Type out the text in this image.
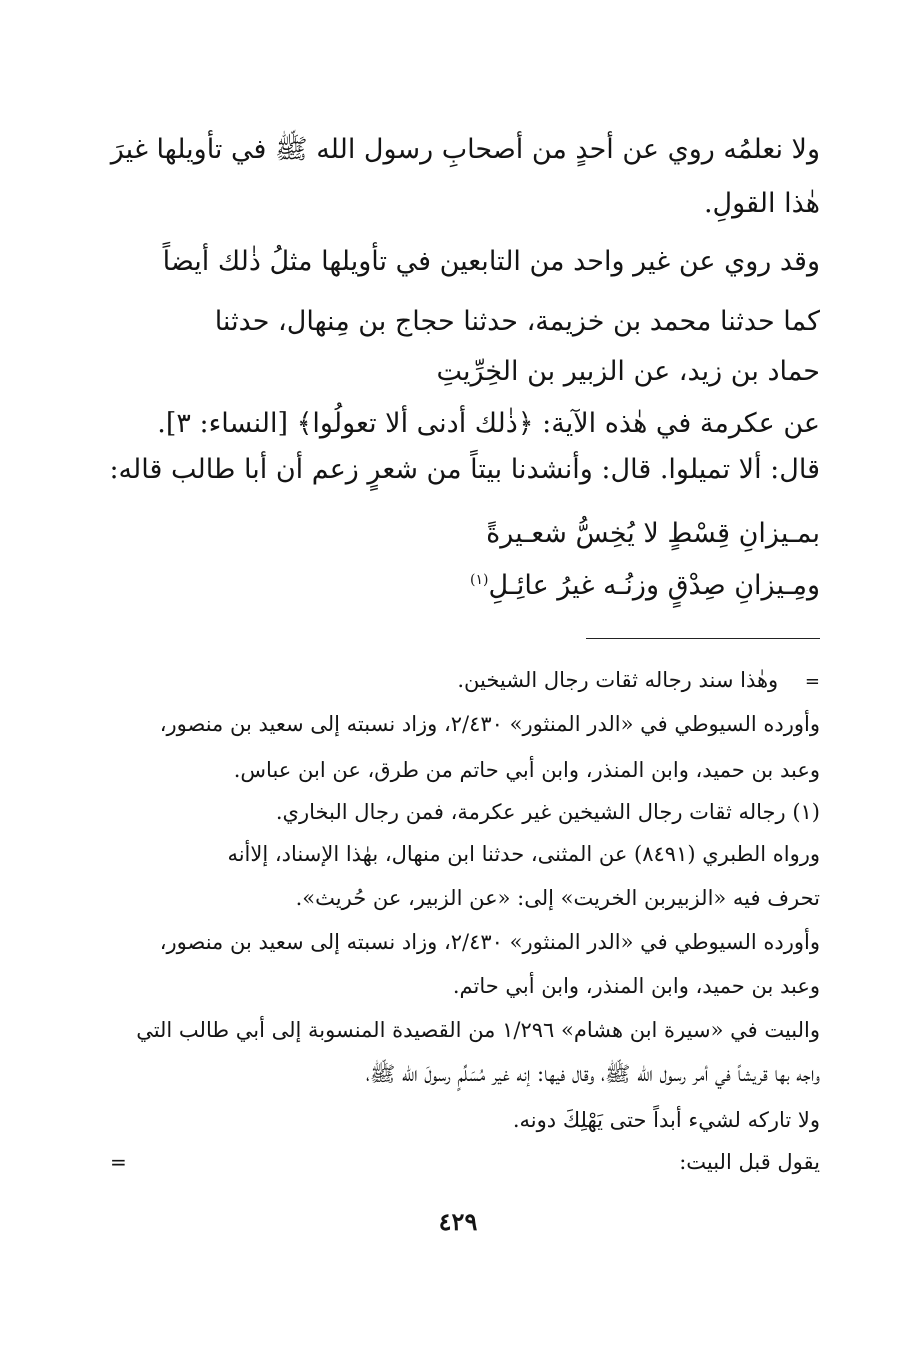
ولا نعلمُه روي عن أحدٍ من أصحابِ رسول الله ﷺ في تأويلها غيرَ

هٰذا القولِ.

وقد روي عن غير واحد من التابعين في تأويلها مثلُ ذٰلك أيضاً

كما حدثنا محمد بن خزيمة، حدثنا حجاج بن مِنهال، حدثنا

حماد بن زيد، عن الزبير بن الخِرِّيتِ

عن عكرمة في هٰذه الآية: ﴿ذٰلك أدنى ألا تعولُوا﴾ [النساء: ٣].

قال: ألا تميلوا. قال: وأنشدنا بيتاً من شعرٍ زعم أن أبا طالب قاله:

بمـيزانِ قِسْطٍ لا يُخِسُّ شعـيرةً
ومِـيزانِ صِدْقٍ وزنُـه غيرُ عائِـلِ$^{(١)}$

=    وهٰذا سند رجاله ثقات رجال الشيخين.

وأورده السيوطي في «الدر المنثور» ٢/٤٣٠، وزاد نسبته إلى سعيد بن منصور،

وعبد بن حميد، وابن المنذر، وابن أبي حاتم من طرق، عن ابن عباس.

(١) رجاله ثقات رجال الشيخين غير عكرمة، فمن رجال البخاري.

ورواه الطبري (٨٤٩١) عن المثنى، حدثنا ابن منهال، بهٰذا الإسناد، إلاأنه

تحرف فيه «الزبيربن الخريت» إلى: «عن الزبير، عن حُريث».

وأورده السيوطي في «الدر المنثور» ٢/٤٣٠، وزاد نسبته إلى سعيد بن منصور،

وعبد بن حميد، وابن المنذر، وابن أبي حاتم.

والبيت في «سيرة ابن هشام» ١/٢٩٦ من القصيدة المنسوبة إلى أبي طالب التي

واجه بها قريشاً في أمر رسول الله ﷺ، وقال فيها: إنه غير مُسَلِّمٍ رسولَ الله ﷺ،

ولا تاركه لشيء أبداً حتى يَهْلِكَ دونه.

يقول قبل البيت:

=
٤٢٩
